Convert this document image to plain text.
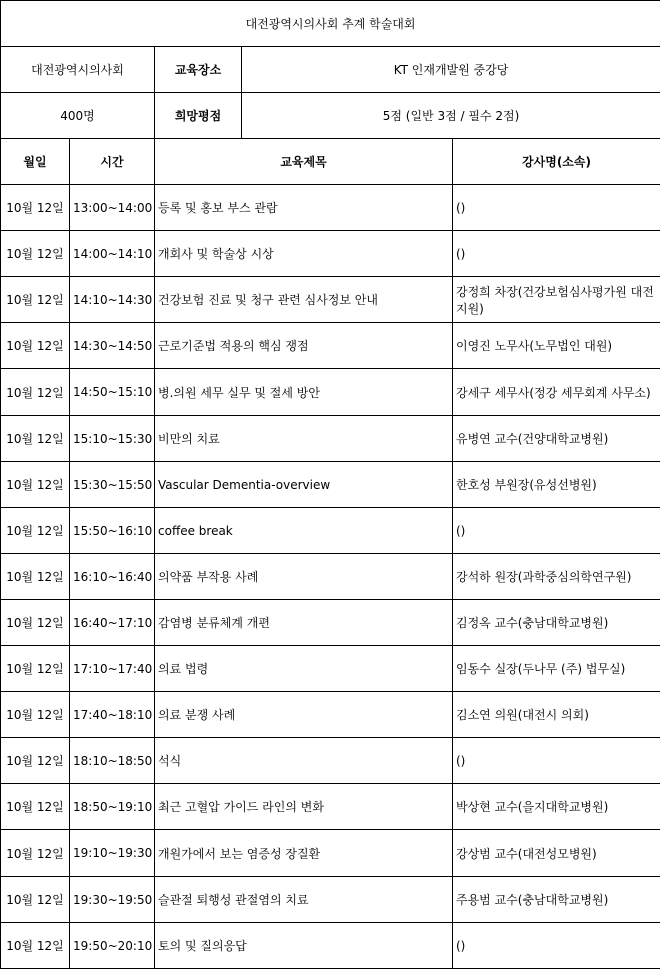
대전광역시의사회 추계 학술대회				
대전광역시의사회		교육장소	KT 인재개발원 중강당	
400명		희망평점	5점 (일반 3점 / 필수 2점)	
월일	시간	교육제목		강사명(소속)
10월 12일	13:00~14:00	등록 및 홍보 부스 관람		()
10월 12일	14:00~14:10	개회사 및 학술상 시상		()
10월 12일	14:10~14:30	건강보험 진료 및 청구 관련 심사정보 안내		강정희 차장(건강보험심사평가원 대전지원)
10월 12일	14:30~14:50	근로기준법 적용의 핵심 쟁점		이영진 노무사(노무법인 대원)
10월 12일	14:50~15:10	병.의원 세무 실무 및 절세 방안		강세구 세무사(정강 세무회계 사무소)
10월 12일	15:10~15:30	비만의 치료		유병연 교수(건양대학교병원)
10월 12일	15:30~15:50	Vascular Dementia-overview		한호성 부원장(유성선병원)
10월 12일	15:50~16:10	coffee break		()
10월 12일	16:10~16:40	의약품 부작용 사례		강석하 원장(과학중심의학연구원)
10월 12일	16:40~17:10	감염병 분류체계 개편		김정옥 교수(충남대학교병원)
10월 12일	17:10~17:40	의료 법령		임동수 실장(두나무 (주) 법무실)
10월 12일	17:40~18:10	의료 분쟁 사례		김소연 의원(대전시 의회)
10월 12일	18:10~18:50	석식		()
10월 12일	18:50~19:10	최근 고혈압 가이드 라인의 변화		박상현 교수(을지대학교병원)
10월 12일	19:10~19:30	개원가에서 보는 염증성 장질환		강상범 교수(대전성모병원)
10월 12일	19:30~19:50	슬관절 퇴행성 관절염의 치료		주용범 교수(충남대학교병원)
10월 12일	19:50~20:10	토의 및 질의응답		()
